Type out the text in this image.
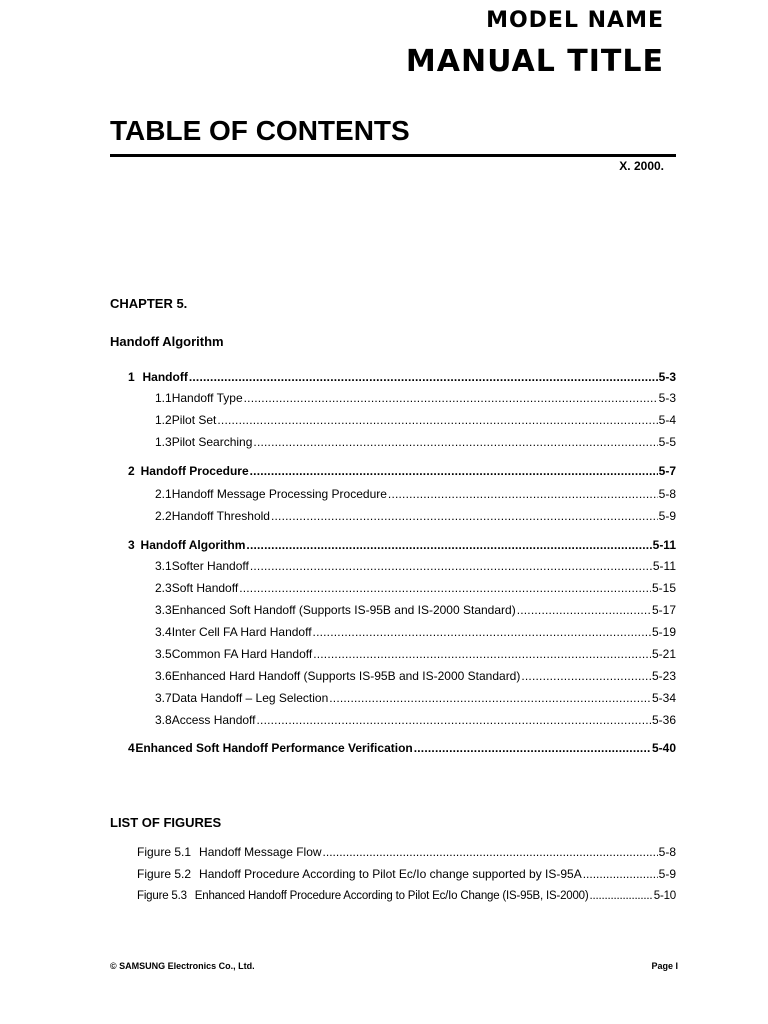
MODEL NAME
MANUAL TITLE
TABLE OF CONTENTS
X. 2000.
CHAPTER 5.
Handoff Algorithm
1 Handoff .....	5-3
1.1 Handoff Type .....	5-3
1.2 Pilot Set .....	5-4
1.3 Pilot Searching .....	5-5
2 Handoff Procedure .....	5-7
2.1 Handoff Message Processing Procedure .....	5-8
2.2 Handoff Threshold .....	5-9
3 Handoff Algorithm .....	5-11
3.1 Softer Handoff .....	5-11
2.3 Soft Handoff .....	5-15
3.3 Enhanced Soft Handoff (Supports IS-95B and IS-2000 Standard) .....	5-17
3.4 Inter Cell FA Hard Handoff .....	5-19
3.5 Common FA Hard Handoff .....	5-21
3.6 Enhanced Hard Handoff (Supports IS-95B and IS-2000 Standard) .....	5-23
3.7 Data Handoff – Leg Selection .....	5-34
3.8 Access Handoff .....	5-36
4 Enhanced Soft Handoff Performance Verification .....	5-40
LIST OF FIGURES
Figure 5.1 Handoff Message Flow .....	5-8
Figure 5.2 Handoff Procedure According to Pilot Ec/Io change supported by IS-95A .....	5-9
Figure 5.3 Enhanced Handoff Procedure According to Pilot Ec/Io Change (IS-95B, IS-2000) .....	5-10
© SAMSUNG Electronics Co., Ltd.	Page I
